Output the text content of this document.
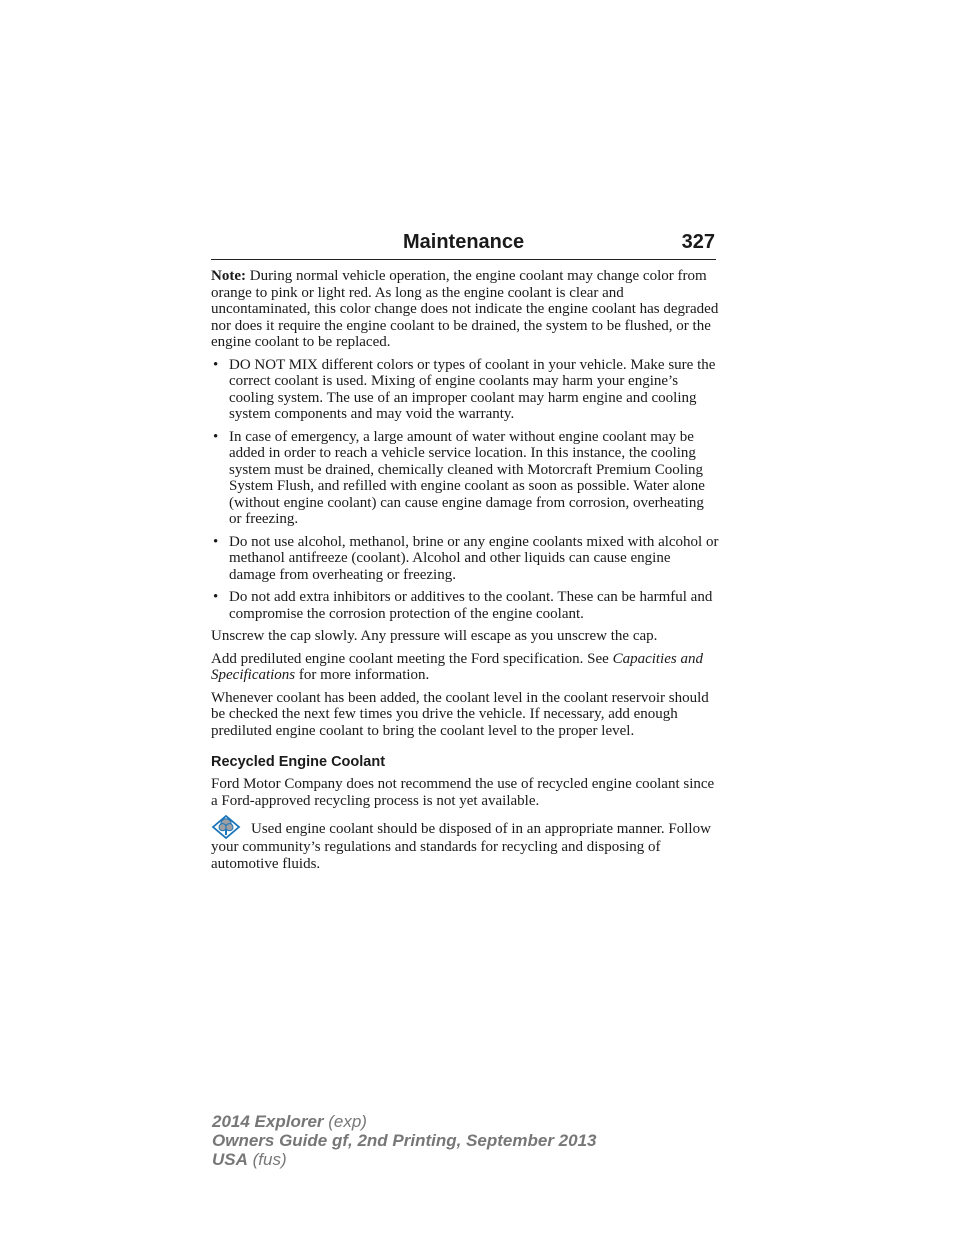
Maintenance	327

Note: During normal vehicle operation, the engine coolant may change color from orange to pink or light red. As long as the engine coolant is clear and uncontaminated, this color change does not indicate the engine coolant has degraded nor does it require the engine coolant to be drained, the system to be flushed, or the engine coolant to be replaced.

• DO NOT MIX different colors or types of coolant in your vehicle. Make sure the correct coolant is used. Mixing of engine coolants may harm your engine’s cooling system. The use of an improper coolant may harm engine and cooling system components and may void the warranty.
• In case of emergency, a large amount of water without engine coolant may be added in order to reach a vehicle service location. In this instance, the cooling system must be drained, chemically cleaned with Motorcraft Premium Cooling System Flush, and refilled with engine coolant as soon as possible. Water alone (without engine coolant) can cause engine damage from corrosion, overheating or freezing.
• Do not use alcohol, methanol, brine or any engine coolants mixed with alcohol or methanol antifreeze (coolant). Alcohol and other liquids can cause engine damage from overheating or freezing.
• Do not add extra inhibitors or additives to the coolant. These can be harmful and compromise the corrosion protection of the engine coolant.

Unscrew the cap slowly. Any pressure will escape as you unscrew the cap.

Add prediluted engine coolant meeting the Ford specification. See Capacities and Specifications for more information.

Whenever coolant has been added, the coolant level in the coolant reservoir should be checked the next few times you drive the vehicle. If necessary, add enough prediluted engine coolant to bring the coolant level to the proper level.

Recycled Engine Coolant

Ford Motor Company does not recommend the use of recycled engine coolant since a Ford-approved recycling process is not yet available.

Used engine coolant should be disposed of in an appropriate manner. Follow your community’s regulations and standards for recycling and disposing of automotive fluids.

2014 Explorer (exp)
Owners Guide gf, 2nd Printing, September 2013
USA (fus)
